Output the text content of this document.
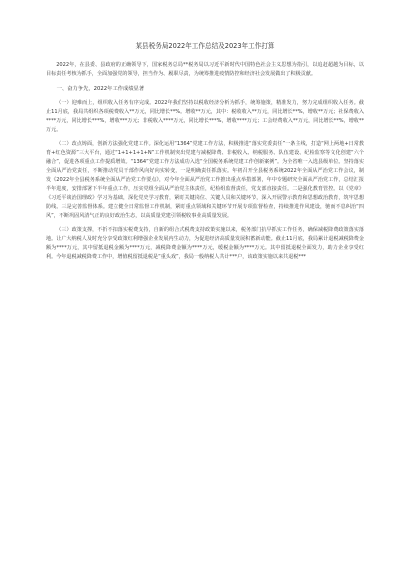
某县税务局2022年工作总结及2023年工作打算

2022年，在县委、县政府的正确领导下，国家税务总局**税务局以习近平新时代中国特色社会主义思想为指引，以追赶超越为目标，以目标责任考核为抓手，全面加强党的领导，担当作为、履职尽责，为统筹推进疫情防控和经济社会发展做出了积极贡献。

一、奋力争先，2022年工作成绩显著

（一）迎难而上，组织收入任务有序完成。2022年我们坚持以税收经济分析为抓手，统筹施策，精准发力，努力完成组织收入任务。截止11月底，我局共组织各项税费收入**万元，同比增长**%。增收**万元，其中：税收收入**万元，同比增长**%，增收**万元；社保费收入****万元，同比增长***%，增收***万元；非税收入****万元，同比增长***%，增收****万元；工会经费收入**万元，同比增长**%，增收**万元。

（二）改点铸面，创新方法强化党建工作。深化运用“1364”党建工作方法，积极推进“落实党委责任”一条主线，打造“网上两地+日常教育+红色资源”三大平台，通过“1+1+1+1+N”工作机制突出党建与减税降费、非税收入、纳税服务、队伍建设、纪检监察等文化创建“六个融合”，促进各项重点工作提质增效。“1364”党建工作方法成功入选“全国税务系统党建工作创新案例”。为全省唯一入选县级单位。坚持落实全面从严治党责任，不断推动党员干部作风向好向实转变，一是明确责任抓落实。年初召开全县税务系统2022年全面从严治党工作会议，制发《2022年全县税务系统全面从严治党工作要点》，对今年全面从严治党工作推出重点举措部署，年中专题研究全面从严治党工作，总结汇报半年进度，安排部署下半年重点工作，压实党组全面从严治党主体责任，纪检组监督责任，党支部直接责任。二是强化教育管控。以《党章》《习近平谈治国理政》学习为基础，深化党史学习教育，紧盯关键岗位、关键人员和关键环节，深入开展警示教育和思想政治教育，筑牢思想防线。三是完善监督体系。建立健全日常监督工作机制，紧盯重点领域和关键环节开展专项监督检查，持续推进作风建设，驰而不息纠治“四风”，不断巩固风清气正的良好政治生态，以高质量党建引领税收事业高质量发展。

（三）政策支撑，不折不扣落实税费支持，自新的组合式税费支持政策实施以来，税务部门抗早抓实工作任务，确保减税降费政策落实落地。让广大纳税人及时充分享受政策红利增强企业发展内生动力，为促进经济高质量发展积蓄新动能。截止11月底，我局累计退税减税降费金额为****万元，其中留抵退税金额为****万元，减税降费金额为****万元，缓税金额为****万元。其中留抵退税全面发力，助力企业享受红利。今年退税减税降费工作中，增值税留抵退税是“重头戏”，我局一般纳税人共计***户，该政策实施以来共退税***
